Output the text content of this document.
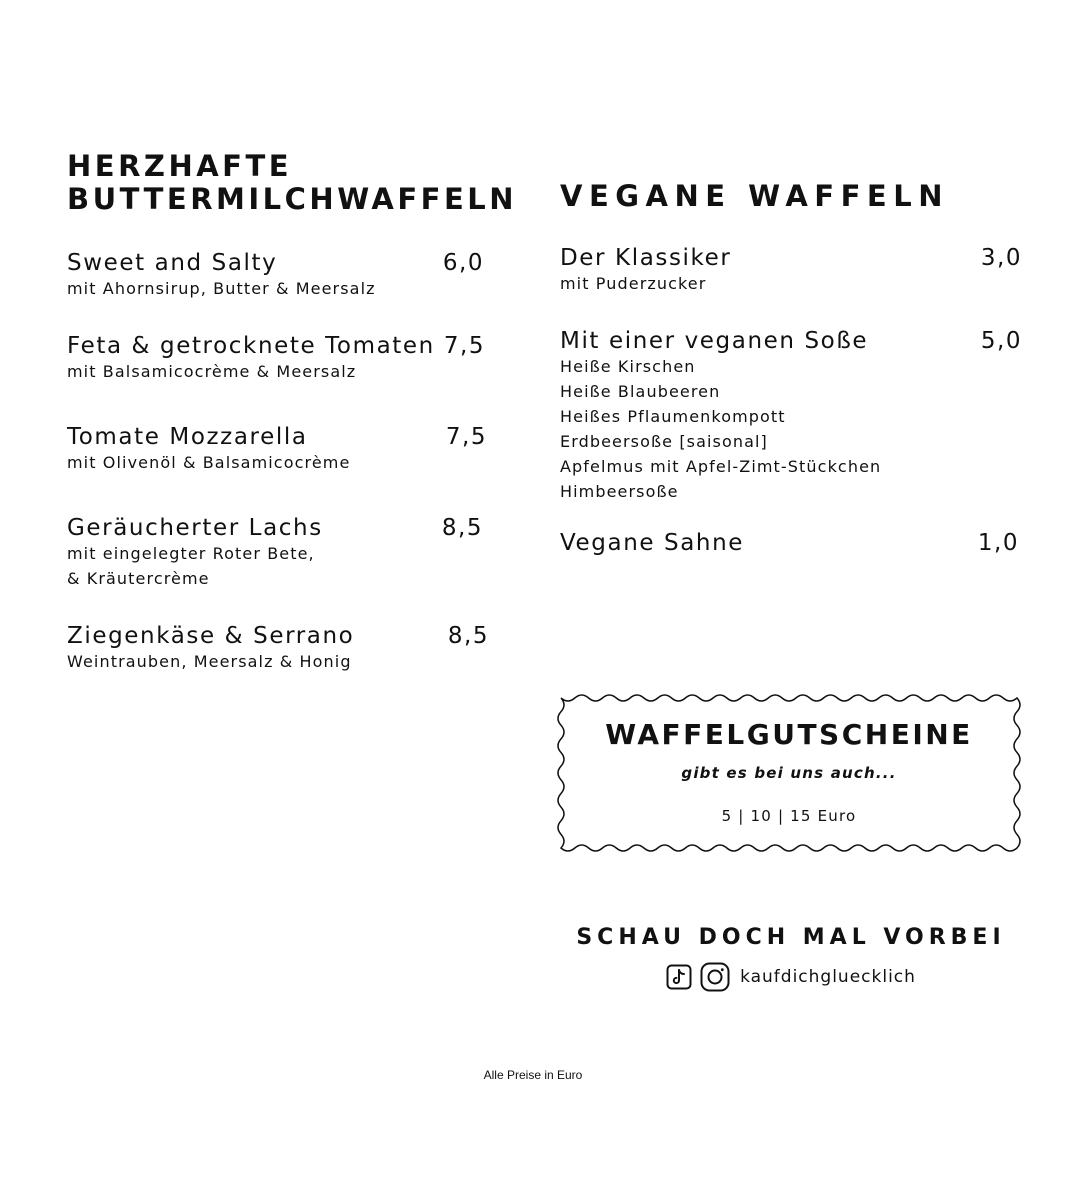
HERZHAFTE
BUTTERMILCHWAFFELN
Sweet and Salty	6,0
mit Ahornsirup, Butter & Meersalz
Feta & getrocknete Tomaten 7,5
mit Balsamicocrème & Meersalz
Tomate Mozzarella	7,5
mit Olivenöl & Balsamicocrème
Geräucherter Lachs	8,5
mit eingelegter Roter Bete,
& Kräutercrème
Ziegenkäse & Serrano	8,5
Weintrauben, Meersalz & Honig
VEGANE WAFFELN
Der Klassiker	3,0
mit Puderzucker
Mit einer veganen Soße	5,0
Heiße Kirschen
Heiße Blaubeeren
Heißes Pflaumenkompott
Erdbeersoße [saisonal]
Apfelmus mit Apfel-Zimt-Stückchen
Himbeersoße
Vegane Sahne	1,0
WAFFELGUTSCHEINE
gibt es bei uns auch...
5 | 10 | 15 Euro
SCHAU DOCH MAL VORBEI
kaufdichgluecklich
Alle Preise in Euro
